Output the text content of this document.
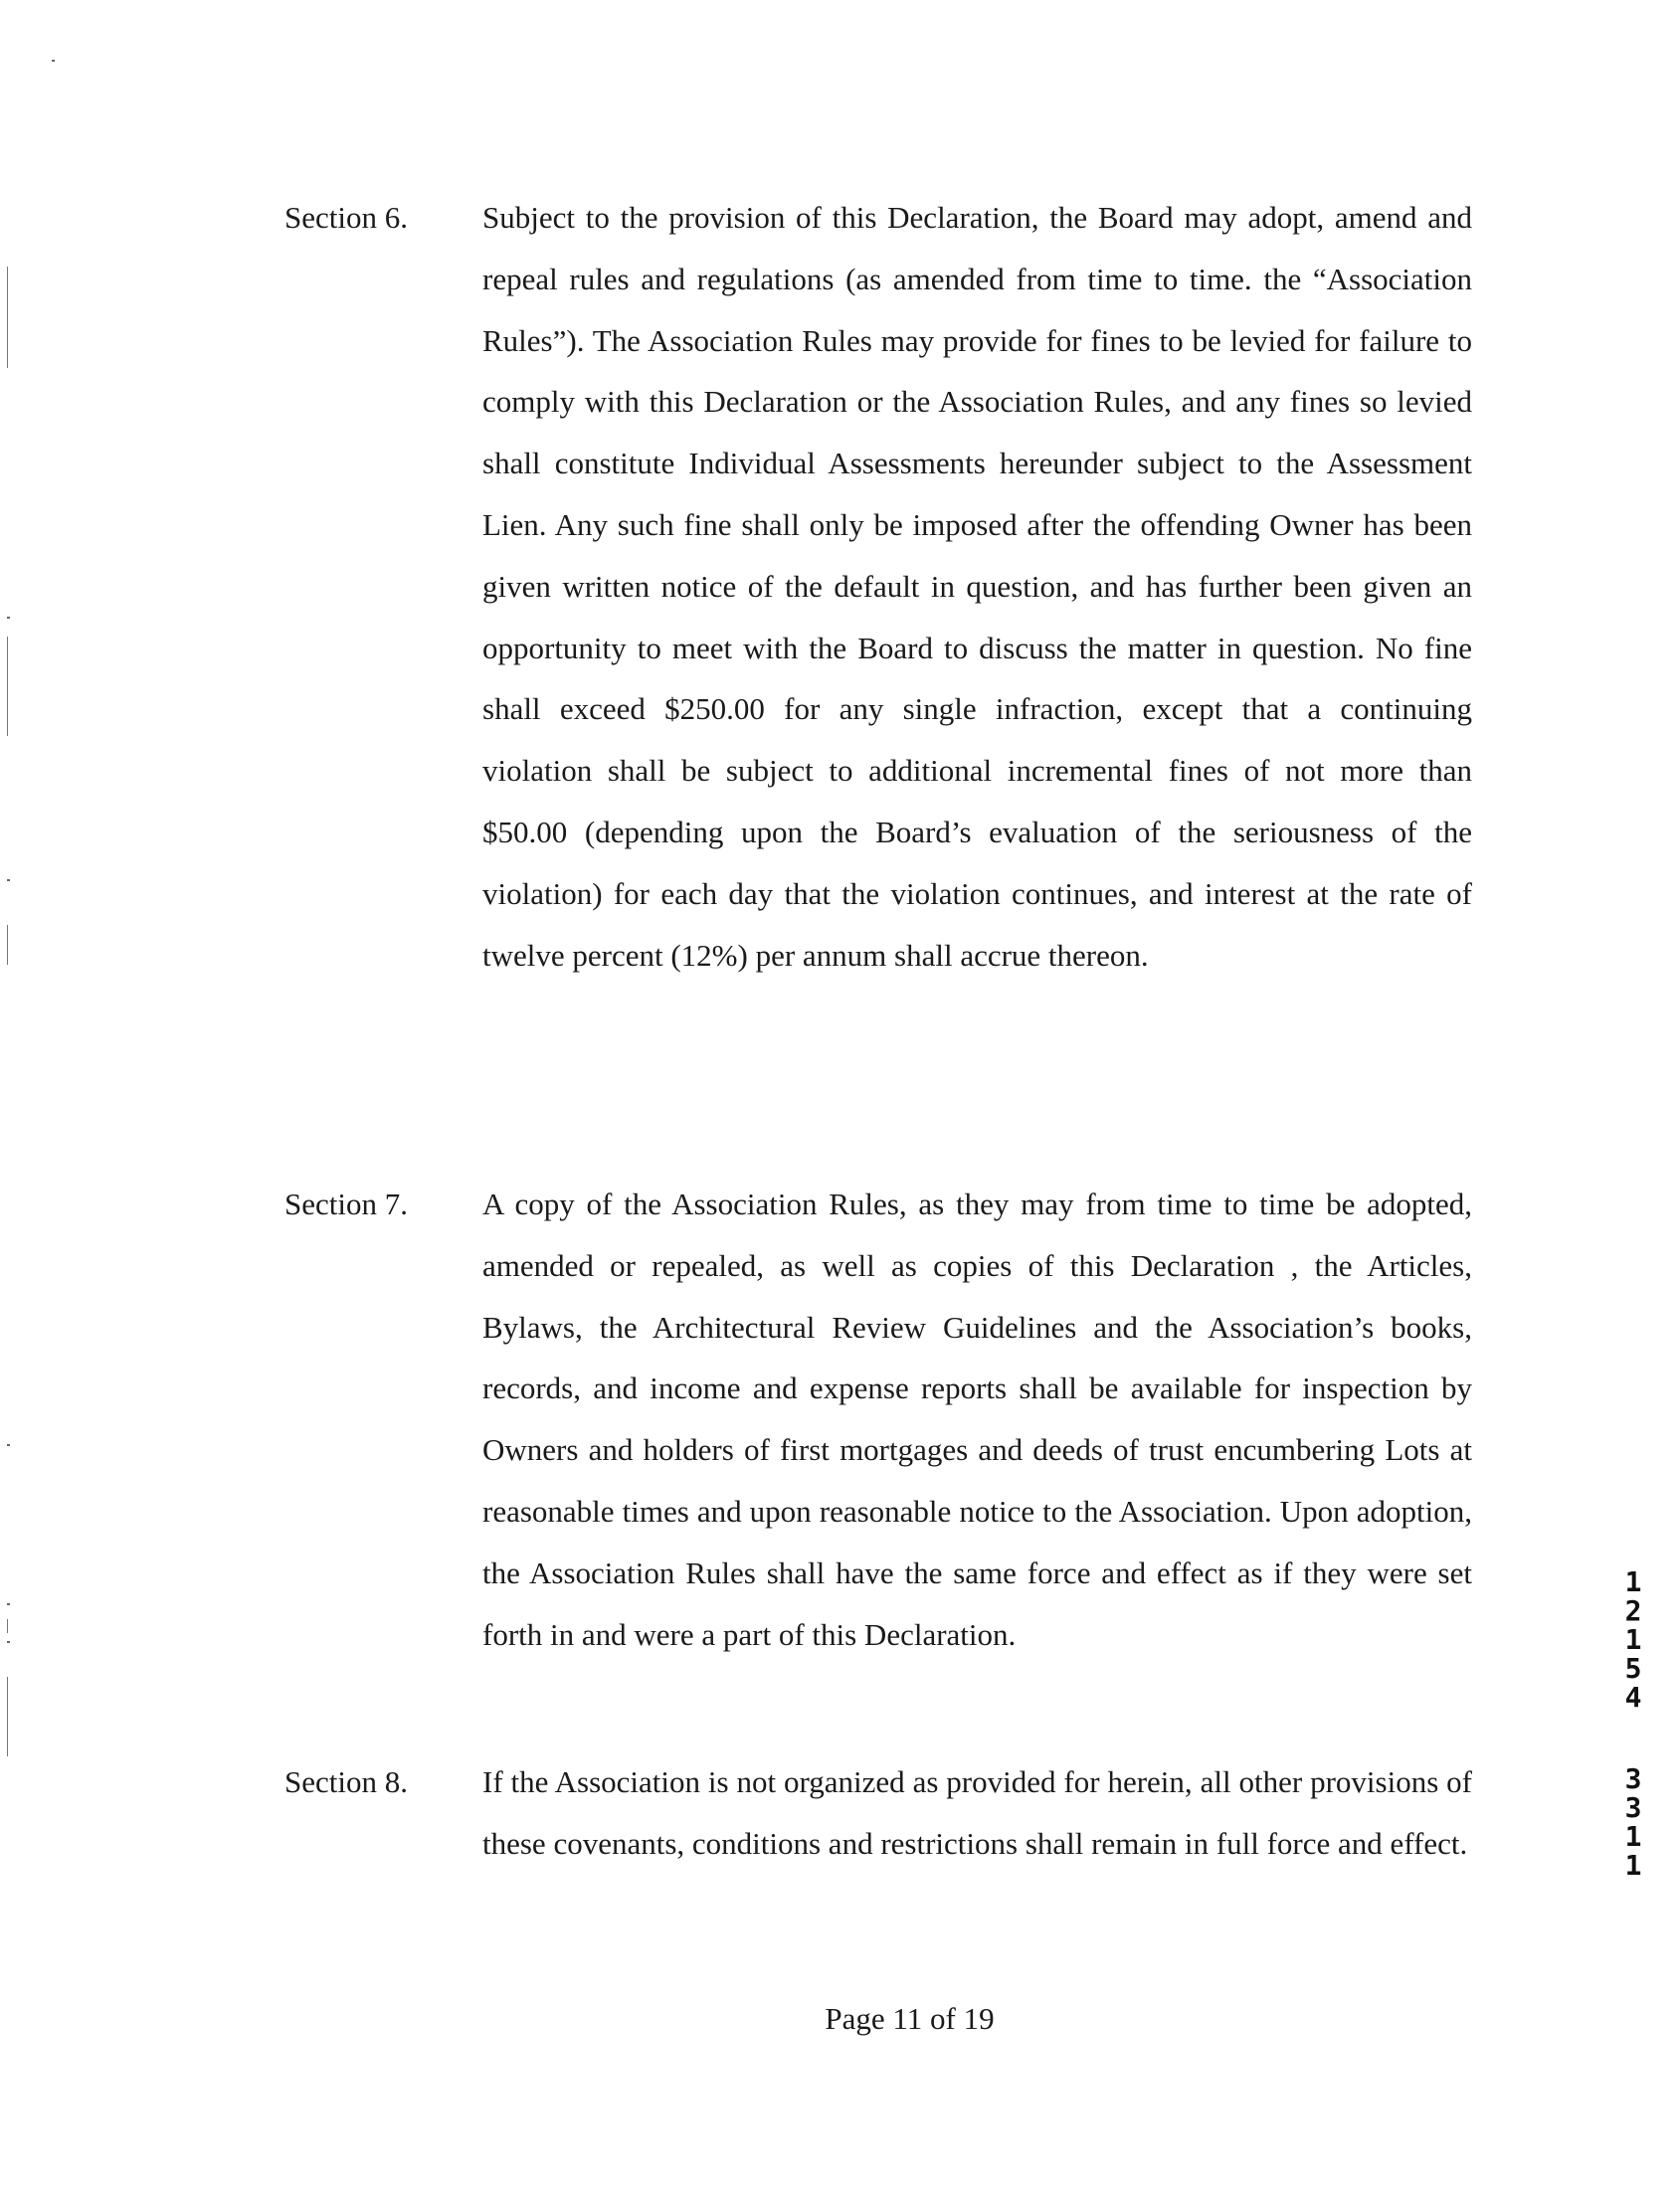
Section 6. Subject to the provision of this Declaration, the Board may adopt, amend and repeal rules and regulations (as amended from time to time. the “Association Rules”). The Association Rules may provide for fines to be levied for failure to comply with this Declaration or the Association Rules, and any fines so levied shall constitute Individual Assessments hereunder subject to the Assessment Lien. Any such fine shall only be imposed after the offending Owner has been given written notice of the default in question, and has further been given an opportunity to meet with the Board to discuss the matter in question. No fine shall exceed $250.00 for any single infraction, except that a continuing violation shall be subject to additional incremental fines of not more than $50.00 (depending upon the Board’s evaluation of the seriousness of the violation) for each day that the violation continues, and interest at the rate of twelve percent (12%) per annum shall accrue thereon.
Section 7. A copy of the Association Rules, as they may from time to time be adopted, amended or repealed, as well as copies of this Declaration , the Articles, Bylaws, the Architectural Review Guidelines and the Association’s books, records, and income and expense reports shall be available for inspection by Owners and holders of first mortgages and deeds of trust encumbering Lots at reasonable times and upon reasonable notice to the Association. Upon adoption, the Association Rules shall have the same force and effect as if they were set forth in and were a part of this Declaration.
Section 8. If the Association is not organized as provided for herein, all other provisions of these covenants, conditions and restrictions shall remain in full force and effect.
Page 11 of 19
1
2
1
5
4
3
3
1
1
